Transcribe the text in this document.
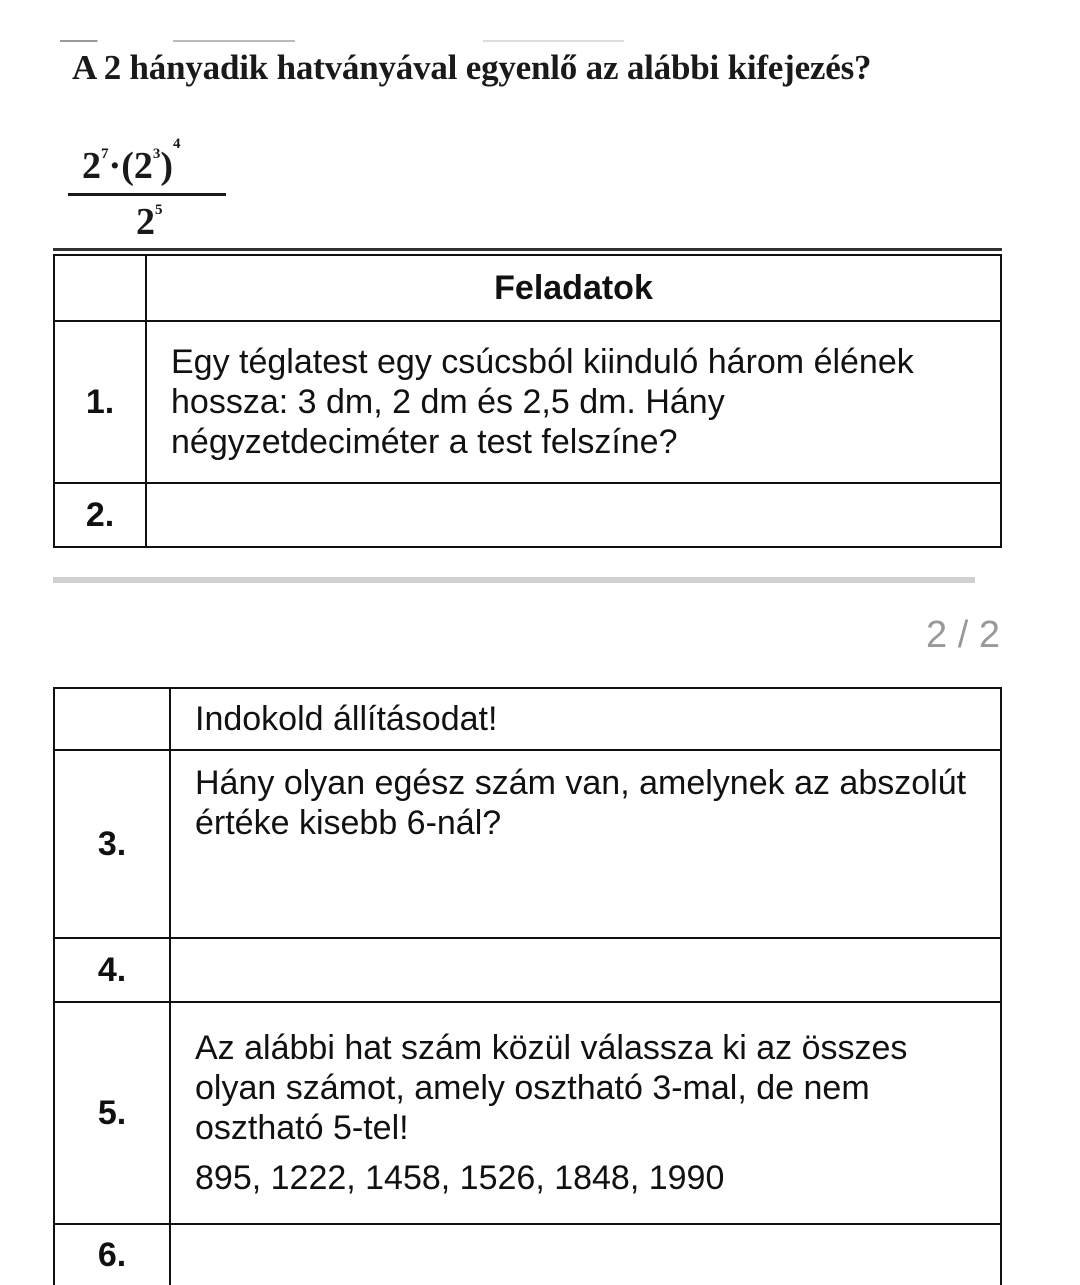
A 2 hányadik hatványával egyenlő az alábbi kifejezés?
$2^7\cdot(2^3)^4$
$2^5$
	Feladatok
1.	Egy téglatest egy csúcsból kiinduló három élének hossza: 3 dm, 2 dm és 2,5 dm. Hány négyzetdeciméter a test felszíne?
2.	
2 / 2
	Indokold állításodat!
3.	Hány olyan egész szám van, amelynek az abszolút értéke kisebb 6-nál?
4.	
5.	Az alábbi hat szám közül válassza ki az összes olyan számot, amely osztható 3-mal, de nem osztható 5-tel!
895, 1222, 1458, 1526, 1848, 1990

6.	
